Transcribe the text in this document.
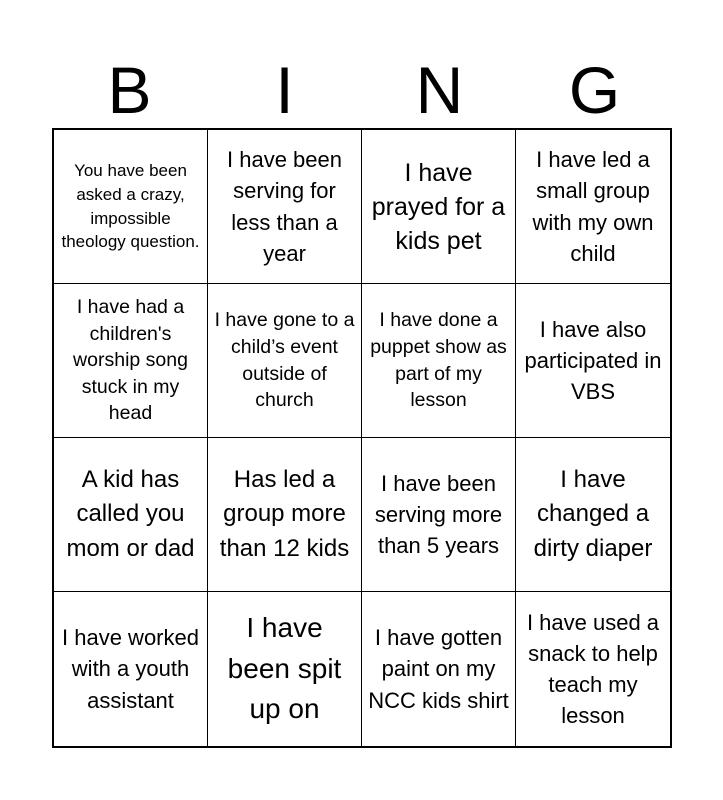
B	I	N	G
You have been asked a crazy, impossible theology question.
I have been serving for less than a year
I have prayed for a kids pet
I have led a small group with my own child
I have had a children's worship song stuck in my head
I have gone to a child’s event outside of church
I have done a puppet show as part of my lesson
I have also participated in VBS
A kid has called you mom or dad
Has led a group more than 12 kids
I have been serving more than 5 years
I have changed a dirty diaper
I have worked with a youth assistant
I have been spit up on
I have gotten paint on my NCC kids shirt
I have used a snack to help teach my lesson
